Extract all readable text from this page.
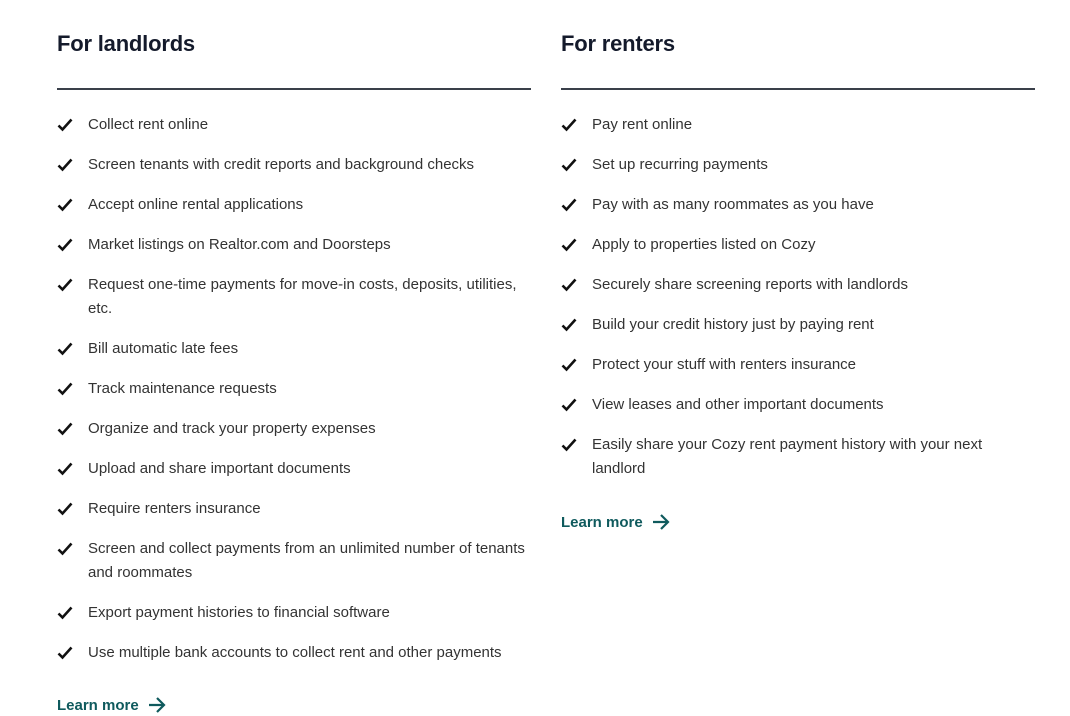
For landlords
Collect rent online
Screen tenants with credit reports and background checks
Accept online rental applications
Market listings on Realtor.com and Doorsteps
Request one-time payments for move-in costs, deposits, utilities, etc.
Bill automatic late fees
Track maintenance requests
Organize and track your property expenses
Upload and share important documents
Require renters insurance
Screen and collect payments from an unlimited number of tenants and roommates
Export payment histories to financial software
Use multiple bank accounts to collect rent and other payments
Learn more
For renters
Pay rent online
Set up recurring payments
Pay with as many roommates as you have
Apply to properties listed on Cozy
Securely share screening reports with landlords
Build your credit history just by paying rent
Protect your stuff with renters insurance
View leases and other important documents
Easily share your Cozy rent payment history with your next landlord
Learn more
